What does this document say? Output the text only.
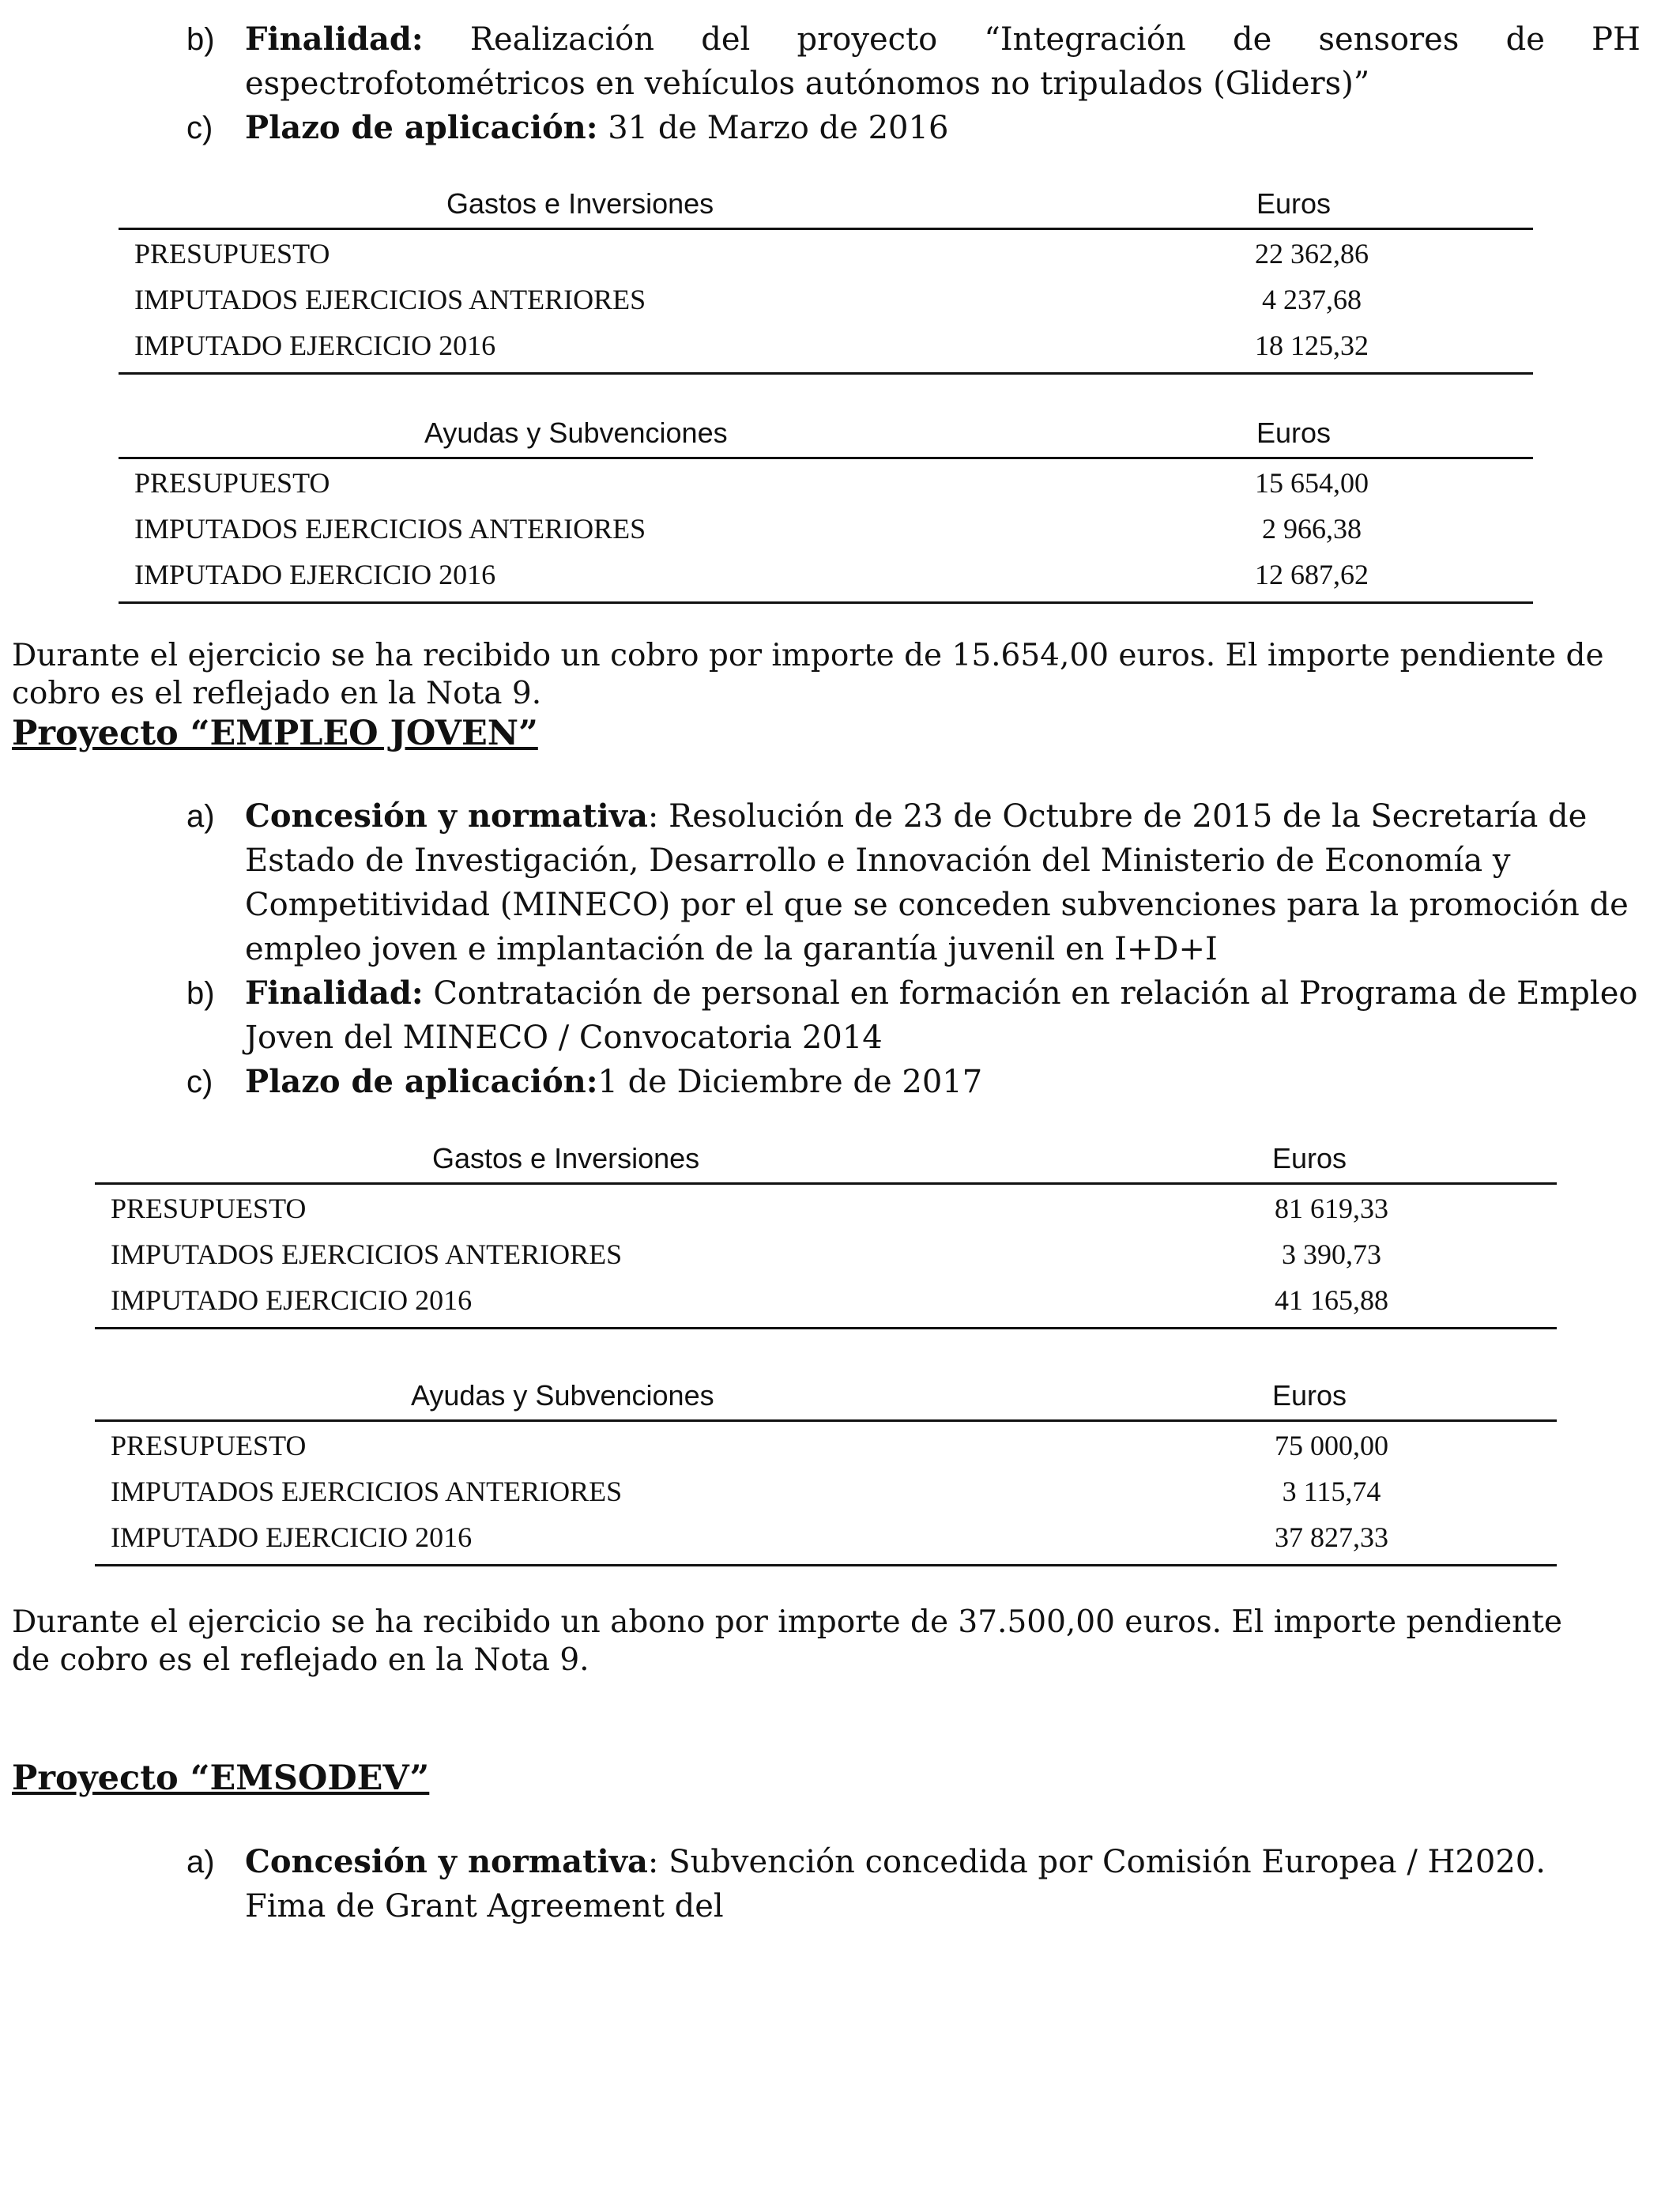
b) Finalidad: Realización del proyecto “Integración de sensores de PH
espectrofotométricos en vehículos autónomos no tripulados (Gliders)”
c) Plazo de aplicación: 31 de Marzo de 2016
Gastos e Inversiones	Euros
PRESUPUESTO	22 362,86
IMPUTADOS EJERCICIOS ANTERIORES	4 237,68
IMPUTADO EJERCICIO 2016	18 125,32
Ayudas y Subvenciones	Euros
PRESUPUESTO	15 654,00
IMPUTADOS EJERCICIOS ANTERIORES	2 966,38
IMPUTADO EJERCICIO 2016	12 687,62
Durante el ejercicio se ha recibido un cobro por importe de 15.654,00 euros. El importe pendiente de
cobro es el reflejado en la Nota 9.
Proyecto “EMPLEO JOVEN”
a) Concesión y normativa: Resolución de 23 de Octubre de 2015 de la Secretaría de
Estado de Investigación, Desarrollo e Innovación del Ministerio de Economía y
Competitividad (MINECO) por el que se conceden subvenciones para la promoción de
empleo joven e implantación de la garantía juvenil en I+D+I
b) Finalidad: Contratación de personal en formación en relación al Programa de Empleo
Joven del MINECO / Convocatoria 2014
c) Plazo de aplicación:1 de Diciembre de 2017
Gastos e Inversiones	Euros
PRESUPUESTO	81 619,33
IMPUTADOS EJERCICIOS ANTERIORES	3 390,73
IMPUTADO EJERCICIO 2016	41 165,88
Ayudas y Subvenciones	Euros
PRESUPUESTO	75 000,00
IMPUTADOS EJERCICIOS ANTERIORES	3 115,74
IMPUTADO EJERCICIO 2016	37 827,33
Durante el ejercicio se ha recibido un abono por importe de 37.500,00 euros. El importe pendiente
de cobro es el reflejado en la Nota 9.
Proyecto “EMSODEV”
a) Concesión y normativa: Subvención concedida por Comisión Europea / H2020.
Fima de Grant Agreement del
